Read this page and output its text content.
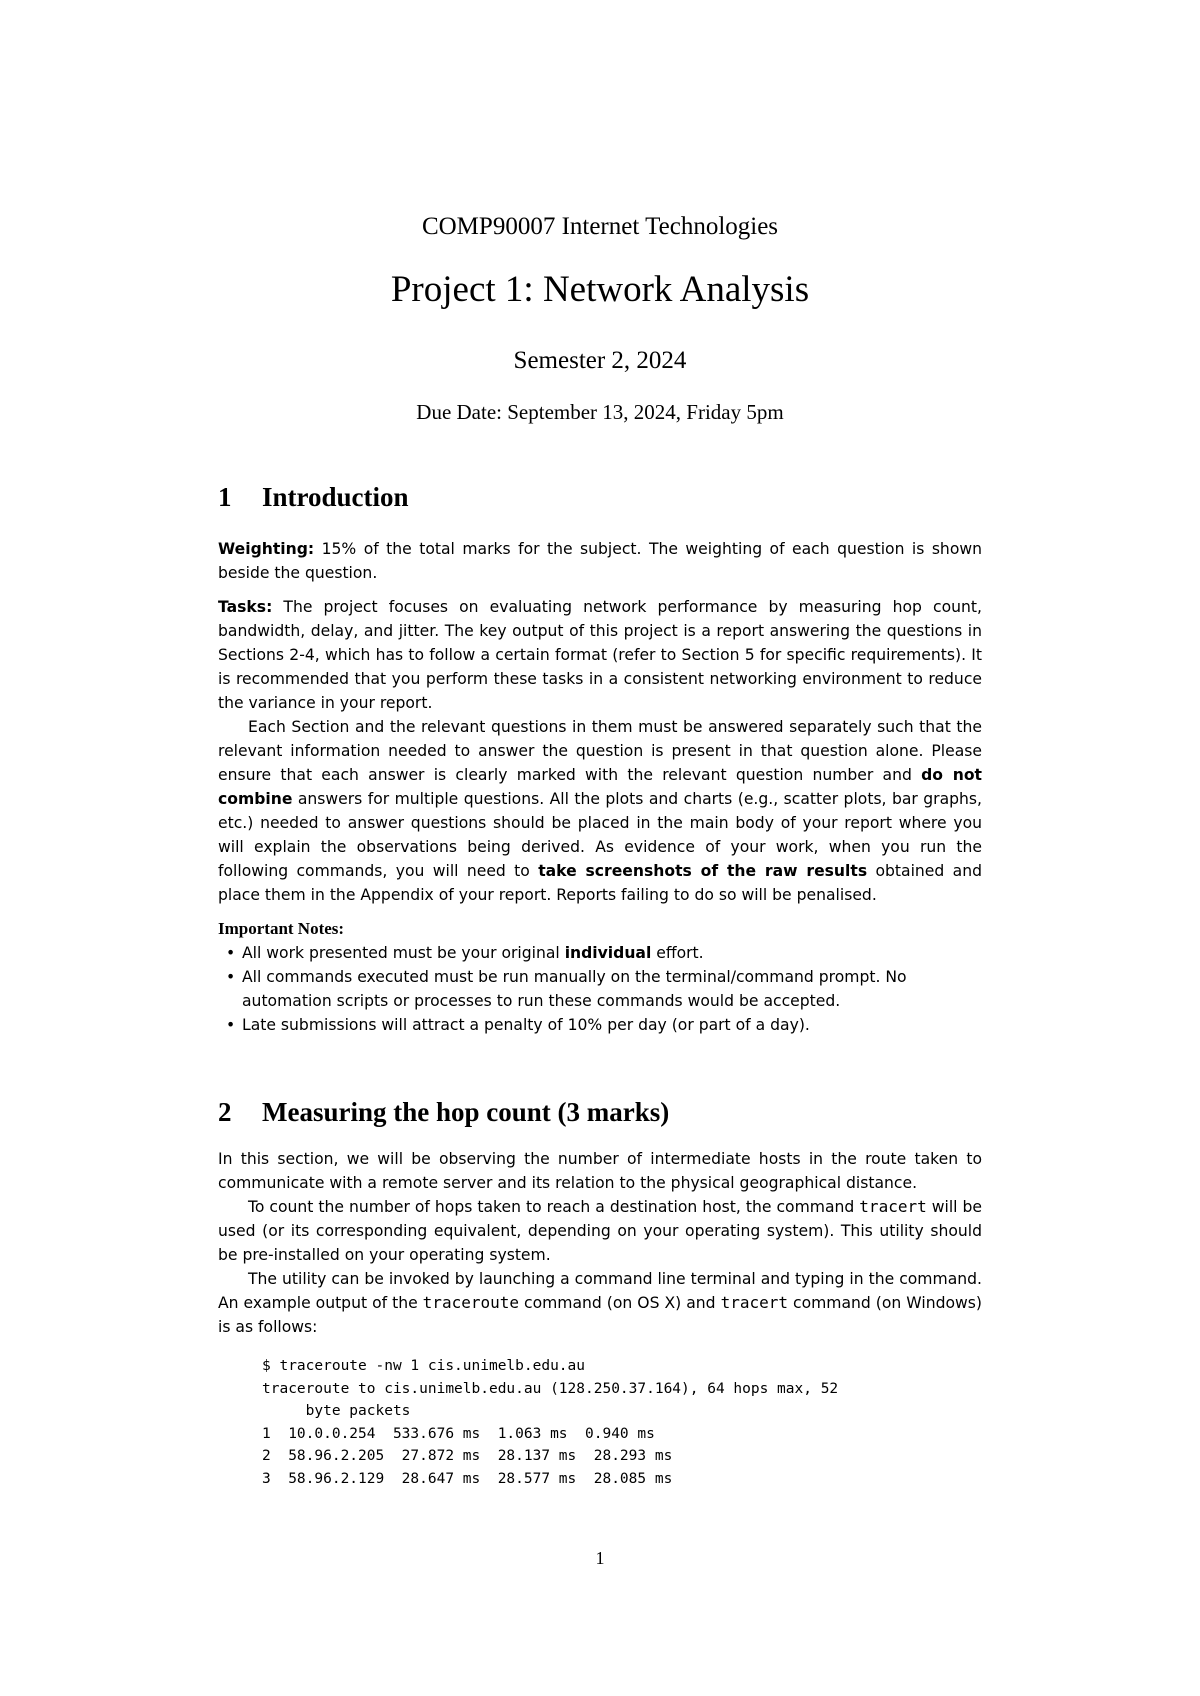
COMP90007 Internet Technologies
Project 1: Network Analysis
Semester 2, 2024
Due Date: September 13, 2024, Friday 5pm
1 Introduction

Weighting: 15% of the total marks for the subject. The weighting of each question is shown beside the question.

Tasks: The project focuses on evaluating network performance by measuring hop count, bandwidth, delay, and jitter. The key output of this project is a report answering the questions in Sections 2-4, which has to follow a certain format (refer to Section 5 for specific requirements). It is recommended that you perform these tasks in a consistent networking environment to reduce the variance in your report.

Each Section and the relevant questions in them must be answered separately such that the relevant information needed to answer the question is present in that question alone. Please ensure that each answer is clearly marked with the relevant question number and do not combine answers for multiple questions. All the plots and charts (e.g., scatter plots, bar graphs, etc.) needed to answer questions should be placed in the main body of your report where you will explain the observations being derived. As evidence of your work, when you run the following commands, you will need to take screenshots of the raw results obtained and place them in the Appendix of your report. Reports failing to do so will be penalised.

Important Notes:

• All work presented must be your original individual effort.
• All commands executed must be run manually on the terminal/command prompt. No automation scripts or processes to run these commands would be accepted.
• Late submissions will attract a penalty of 10% per day (or part of a day).
2 Measuring the hop count (3 marks)

In this section, we will be observing the number of intermediate hosts in the route taken to communicate with a remote server and its relation to the physical geographical distance.

To count the number of hops taken to reach a destination host, the command tracert will be used (or its corresponding equivalent, depending on your operating system). This utility should be pre-installed on your operating system.

The utility can be invoked by launching a command line terminal and typing in the command. An example output of the traceroute command (on OS X) and tracert command (on Windows) is as follows:

$ traceroute -nw 1 cis.unimelb.edu.au
traceroute to cis.unimelb.edu.au (128.250.37.164), 64 hops max, 52
byte packets
1  10.0.0.254  533.676 ms  1.063 ms  0.940 ms
2  58.96.2.205  27.872 ms  28.137 ms  28.293 ms
3  58.96.2.129  28.647 ms  28.577 ms  28.085 ms
1
